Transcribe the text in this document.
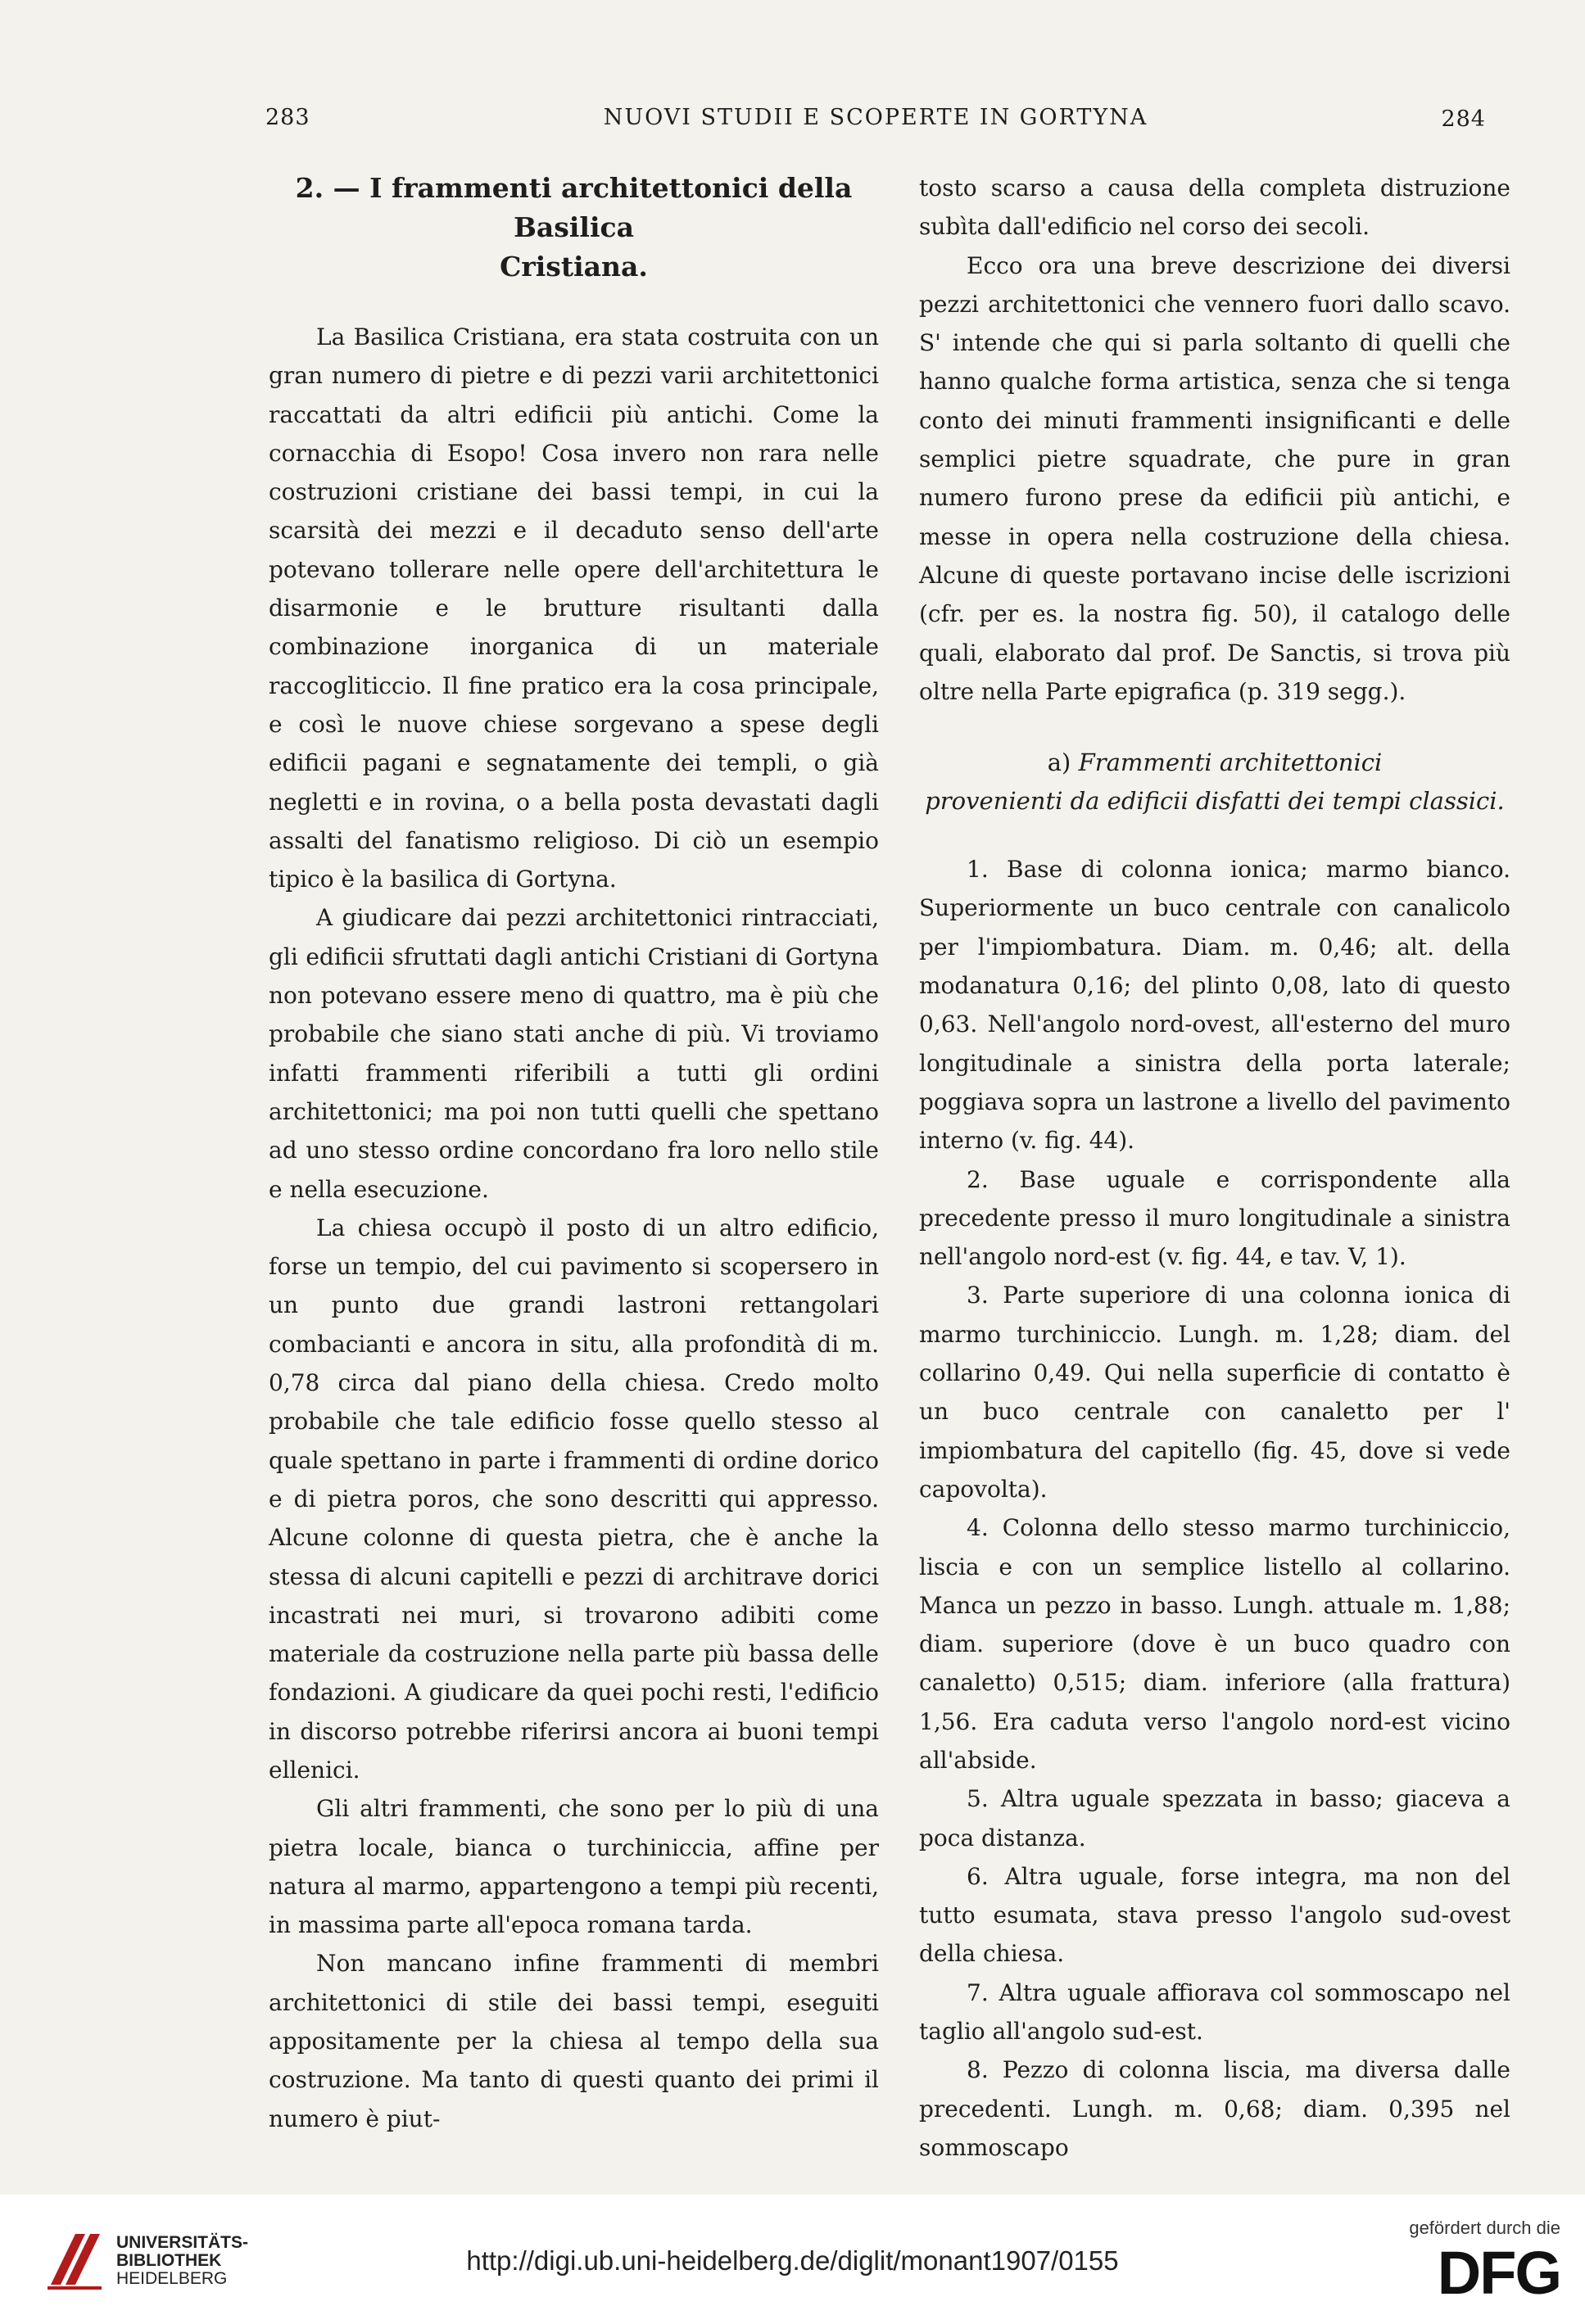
283	NUOVI STUDII E SCOPERTE IN GORTYNA	284
2. — I frammenti architettonici della Basilica
Cristiana.

La Basilica Cristiana, era stata costruita con un gran numero di pietre e di pezzi varii architettonici raccattati da altri edificii più antichi. Come la cornacchia di Esopo! Cosa invero non rara nelle costruzioni cristiane dei bassi tempi, in cui la scarsità dei mezzi e il decaduto senso dell'arte potevano tollerare nelle opere dell'architettura le disarmonie e le brutture risultanti dalla combinazione inorganica di un materiale raccogliticcio. Il fine pratico era la cosa principale, e così le nuove chiese sorgevano a spese degli edificii pagani e segnatamente dei templi, o già negletti e in rovina, o a bella posta devastati dagli assalti del fanatismo religioso. Di ciò un esempio tipico è la basilica di Gortyna.

A giudicare dai pezzi architettonici rintracciati, gli edificii sfruttati dagli antichi Cristiani di Gortyna non potevano essere meno di quattro, ma è più che probabile che siano stati anche di più. Vi troviamo infatti frammenti riferibili a tutti gli ordini architettonici; ma poi non tutti quelli che spettano ad uno stesso ordine concordano fra loro nello stile e nella esecuzione.

La chiesa occupò il posto di un altro edificio, forse un tempio, del cui pavimento si scopersero in un punto due grandi lastroni rettangolari combacianti e ancora in situ, alla profondità di m. 0,78 circa dal piano della chiesa. Credo molto probabile che tale edificio fosse quello stesso al quale spettano in parte i frammenti di ordine dorico e di pietra poros, che sono descritti qui appresso. Alcune colonne di questa pietra, che è anche la stessa di alcuni capitelli e pezzi di architrave dorici incastrati nei muri, si trovarono adibiti come materiale da costruzione nella parte più bassa delle fondazioni. A giudicare da quei pochi resti, l'edificio in discorso potrebbe riferirsi ancora ai buoni tempi ellenici.

Gli altri frammenti, che sono per lo più di una pietra locale, bianca o turchiniccia, affine per natura al marmo, appartengono a tempi più recenti, in massima parte all'epoca romana tarda.

Non mancano infine frammenti di membri architettonici di stile dei bassi tempi, eseguiti appositamente per la chiesa al tempo della sua costruzione. Ma tanto di questi quanto dei primi il numero è piut-

tosto scarso a causa della completa distruzione subìta dall'edificio nel corso dei secoli.

Ecco ora una breve descrizione dei diversi pezzi architettonici che vennero fuori dallo scavo. S' intende che qui si parla soltanto di quelli che hanno qualche forma artistica, senza che si tenga conto dei minuti frammenti insignificanti e delle semplici pietre squadrate, che pure in gran numero furono prese da edificii più antichi, e messe in opera nella costruzione della chiesa. Alcune di queste portavano incise delle iscrizioni (cfr. per es. la nostra fig. 50), il catalogo delle quali, elaborato dal prof. De Sanctis, si trova più oltre nella Parte epigrafica (p. 319 segg.).

a) Frammenti architettonici
provenienti da edificii disfatti dei tempi classici.

1. Base di colonna ionica; marmo bianco. Superiormente un buco centrale con canalicolo per l'impiombatura. Diam. m. 0,46; alt. della modanatura 0,16; del plinto 0,08, lato di questo 0,63. Nell'angolo nord-ovest, all'esterno del muro longitudinale a sinistra della porta laterale; poggiava sopra un lastrone a livello del pavimento interno (v. fig. 44).

2. Base uguale e corrispondente alla precedente presso il muro longitudinale a sinistra nell'angolo nord-est (v. fig. 44, e tav. V, 1).

3. Parte superiore di una colonna ionica di marmo turchiniccio. Lungh. m. 1,28; diam. del collarino 0,49. Qui nella superficie di contatto è un buco centrale con canaletto per l' impiombatura del capitello (fig. 45, dove si vede capovolta).

4. Colonna dello stesso marmo turchiniccio, liscia e con un semplice listello al collarino. Manca un pezzo in basso. Lungh. attuale m. 1,88; diam. superiore (dove è un buco quadro con canaletto) 0,515; diam. inferiore (alla frattura) 1,56. Era caduta verso l'angolo nord-est vicino all'abside.

5. Altra uguale spezzata in basso; giaceva a poca distanza.

6. Altra uguale, forse integra, ma non del tutto esumata, stava presso l'angolo sud-ovest della chiesa.

7. Altra uguale affiorava col sommoscapo nel taglio all'angolo sud-est.

8. Pezzo di colonna liscia, ma diversa dalle precedenti. Lungh. m. 0,68; diam. 0,395 nel sommoscapo

UNIVERSITÄTS-
BIBLIOTHEK
HEIDELBERG
http://digi.ub.uni-heidelberg.de/diglit/monant1907/0155
gefördert durch die
DFG
